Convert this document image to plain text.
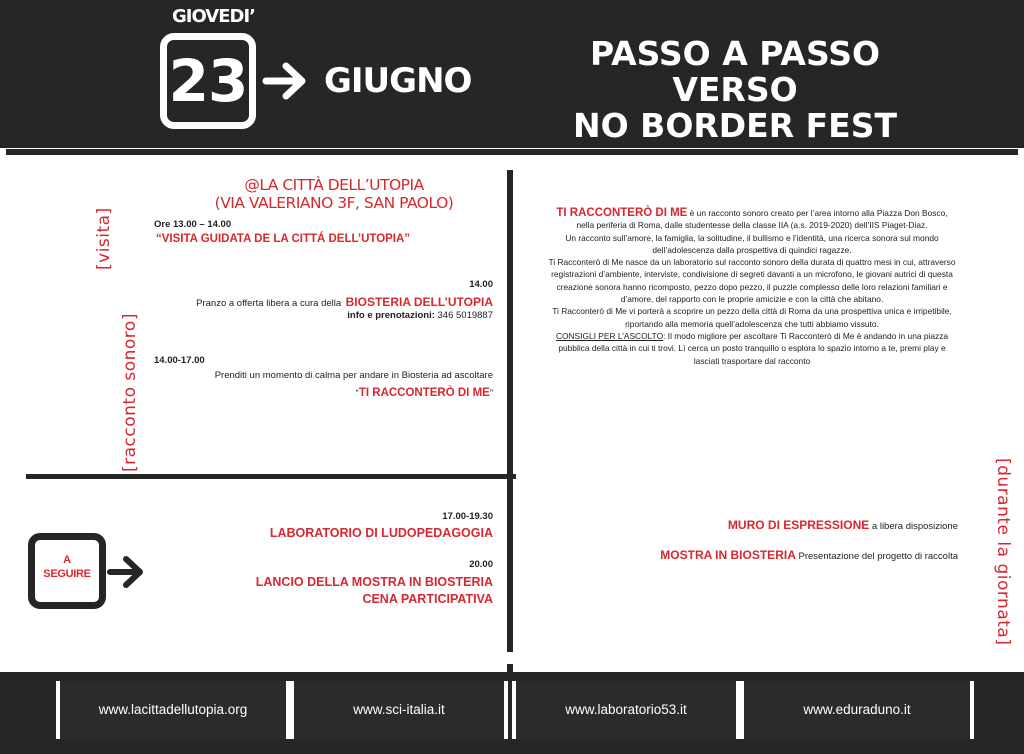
GIOVEDI’
23 GIUGNO
PASSO A PASSO VERSO
NO BORDER FEST
@LA CITTÀ DELL’UTOPIA
(VIA VALERIANO 3F, SAN PAOLO)
[visita]
[racconto sonoro]
Ore 13.00 – 14.00
“VISITA GUIDATA DE LA CITTÁ DELL’UTOPIA”
14.00
Pranzo a offerta libera a cura della BIOSTERIA DELL’UTOPIA
info e prenotazioni: 346 5019887
14.00-17.00
Prenditi un momento di calma per andare in Biosteria ad ascoltare
“TI RACCONTERÒ DI ME”
A
SEGUIRE
17.00-19.30
LABORATORIO DI LUDOPEDAGOGIA
20.00
LANCIO DELLA MOSTRA IN BIOSTERIA
CENA PARTICIPATIVA
TI RACCONTERÒ DI ME è un racconto sonoro creato per l’area intorno alla Piazza Don Bosco, nella periferia di Roma, dalle studentesse della classe IIA (a.s. 2019-2020) dell’IIS Piaget-Diaz.
Un racconto sull’amore, la famiglia, la solitudine, il bullismo e l’identità, una ricerca sonora sul mondo dell’adolescenza dalla prospettiva di quindici ragazze.
Ti Racconterò di Me nasce da un laboratorio sul racconto sonoro della durata di quattro mesi in cui, attraverso registrazioni d’ambiente, interviste, condivisione di segreti davanti a un microfono, le giovani autrici di questa creazione sonora hanno ricomposto, pezzo dopo pezzo, il puzzle complesso delle loro relazioni familiari e d’amore, del rapporto con le proprie amicizie e con la città che abitano.
Ti Racconterò di Me vi porterà a scoprire un pezzo della città di Roma da una prospettiva unica e irripetibile, riportando alla memoria quell’adolescenza che tutti abbiamo vissuto.
CONSIGLI PER L’ASCOLTO: Il modo migliore per ascoltare Ti Racconterò di Me è andando in una piazza pubblica della città in cui ti trovi. Lì cerca un posto tranquillo o esplora lo spazio intorno a te, premi play e lasciati trasportare dal racconto
[durante la giornata]
MURO DI ESPRESSIONE a libera disposizione
MOSTRA IN BIOSTERIA Presentazione del progetto di raccolta
www.lacittadellutopia.org	www.sci-italia.it	www.laboratorio53.it	www.eduraduno.it
